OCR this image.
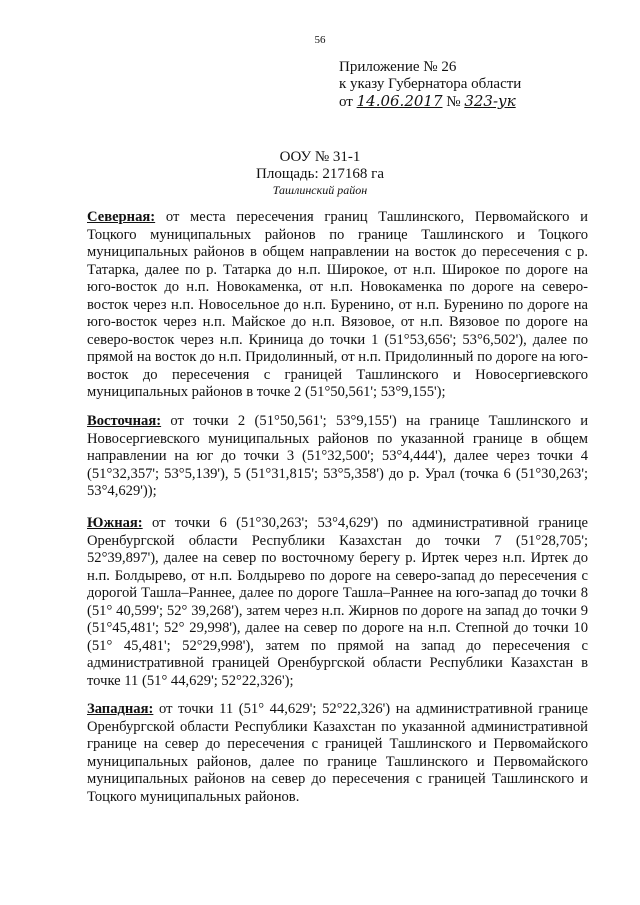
56
Приложение № 26
к указу Губернатора области
от 14.06.2017 № 323-ук
ООУ № 31-1
Площадь: 217168 га
Ташлинский район
Северная: от места пересечения границ Ташлинского, Первомайского и Тоцкого муниципальных районов по границе Ташлинского и Тоцкого муниципальных районов в общем направлении на восток до пересечения с р. Татарка, далее по р. Татарка до н.п. Широкое, от н.п. Широкое по дороге на юго-восток до н.п. Новокаменка, от н.п. Новокаменка по дороге на северо-восток через н.п. Новосельное до н.п. Буренино, от н.п. Буренино по дороге на юго-восток через н.п. Майское до н.п. Вязовое, от н.п. Вязовое по дороге на северо-восток через н.п. Криница до точки 1 (51°53,656'; 53°6,502'), далее по прямой на восток до н.п. Придолинный, от н.п. Придолинный по дороге на юго-восток до пересечения с границей Ташлинского и Новосергиевского муниципальных районов в точке 2 (51°50,561'; 53°9,155');
Восточная: от точки 2 (51°50,561'; 53°9,155') на границе Ташлинского и Новосергиевского муниципальных районов по указанной границе в общем направлении на юг до точки 3 (51°32,500'; 53°4,444'), далее через точки 4 (51°32,357'; 53°5,139'), 5 (51°31,815'; 53°5,358') до р. Урал (точка 6 (51°30,263'; 53°4,629'));
Южная: от точки 6 (51°30,263'; 53°4,629') по административной границе Оренбургской области Республики Казахстан до точки 7 (51°28,705'; 52°39,897'), далее на север по восточному берегу р. Иртек через н.п. Иртек до н.п. Болдырево, от н.п. Болдырево по дороге на северо-запад до пересечения с дорогой Ташла–Раннее, далее по дороге Ташла–Раннее на юго-запад до точки 8 (51° 40,599'; 52° 39,268'), затем через н.п. Жирнов по дороге на запад до точки 9 (51°45,481'; 52° 29,998'), далее на север по дороге на н.п. Степной до точки 10 (51° 45,481'; 52°29,998'), затем по прямой на запад до пересечения с административной границей Оренбургской области Республики Казахстан в точке 11 (51° 44,629'; 52°22,326');
Западная: от точки 11 (51° 44,629'; 52°22,326') на административной границе Оренбургской области Республики Казахстан по указанной административной границе на север до пересечения с границей Ташлинского и Первомайского муниципальных районов, далее по границе Ташлинского и Первомайского муниципальных районов на север до пересечения с границей Ташлинского и Тоцкого муниципальных районов.
